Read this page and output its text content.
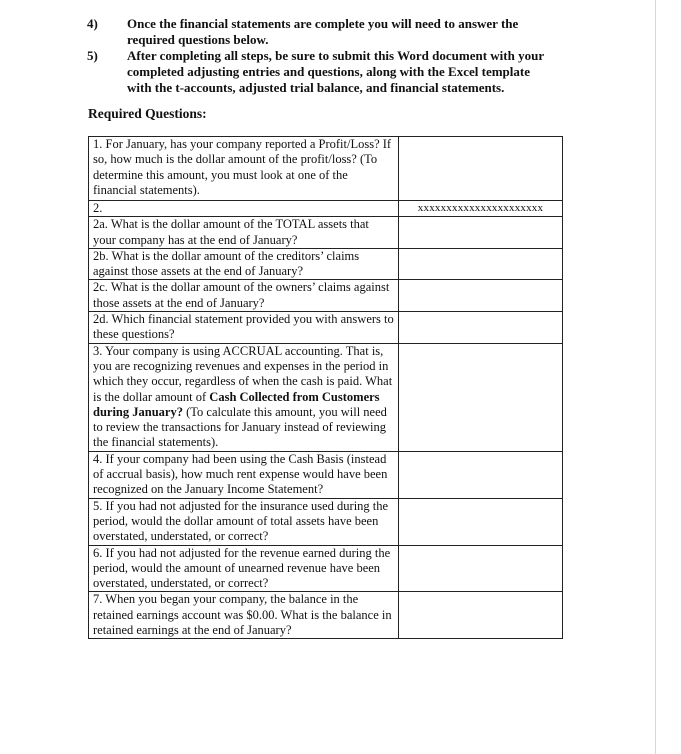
4) Once the financial statements are complete you will need to answer the required questions below.
5) After completing all steps, be sure to submit this Word document with your completed adjusting entries and questions, along with the Excel template with the t-accounts, adjusted trial balance, and financial statements.
Required Questions:
1. For January, has your company reported a Profit/Loss? If so, how much is the dollar amount of the profit/loss? (To determine this amount, you must look at one of the financial statements).	
2.	xxxxxxxxxxxxxxxxxxxxxx
2a. What is the dollar amount of the TOTAL assets that your company has at the end of January?	
2b. What is the dollar amount of the creditors’ claims against those assets at the end of January?	
2c. What is the dollar amount of the owners’ claims against those assets at the end of January?	
2d. Which financial statement provided you with answers to these questions?	
3. Your company is using ACCRUAL accounting. That is, you are recognizing revenues and expenses in the period in which they occur, regardless of when the cash is paid. What is the dollar amount of Cash Collected from Customers during January? (To calculate this amount, you will need to review the transactions for January instead of reviewing the financial statements).	
4. If your company had been using the Cash Basis (instead of accrual basis), how much rent expense would have been recognized on the January Income Statement?	
5. If you had not adjusted for the insurance used during the period, would the dollar amount of total assets have been overstated, understated, or correct?	
6. If you had not adjusted for the revenue earned during the period, would the amount of unearned revenue have been overstated, understated, or correct?	
7. When you began your company, the balance in the retained earnings account was $0.00. What is the balance in retained earnings at the end of January?	
